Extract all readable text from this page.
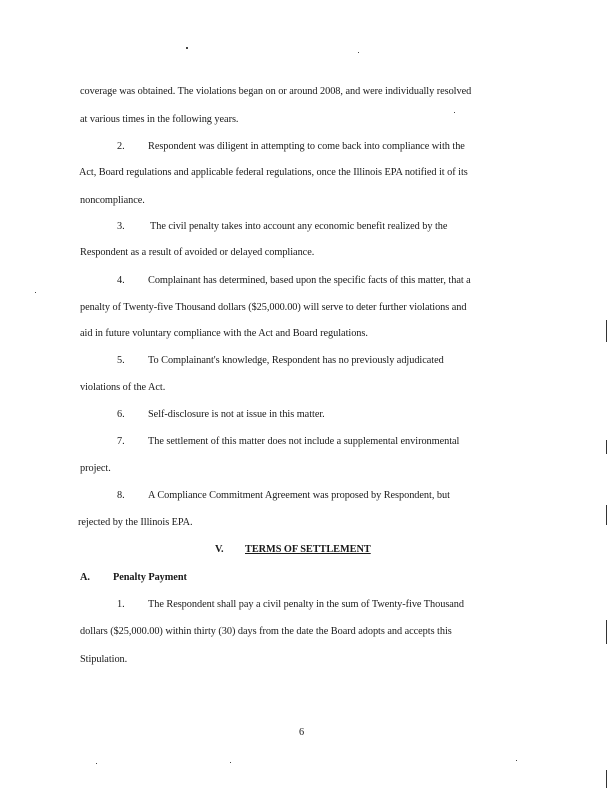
coverage was obtained. The violations began on or around 2008, and were individually resolved
at various times in the following years.
2. Respondent was diligent in attempting to come back into compliance with the
Act, Board regulations and applicable federal regulations, once the Illinois EPA notified it of its
noncompliance.
3. The civil penalty takes into account any economic benefit realized by the
Respondent as a result of avoided or delayed compliance.
4. Complainant has determined, based upon the specific facts of this matter, that a
penalty of Twenty-five Thousand dollars ($25,000.00) will serve to deter further violations and
aid in future voluntary compliance with the Act and Board regulations.
5. To Complainant's knowledge, Respondent has no previously adjudicated
violations of the Act.
6. Self-disclosure is not at issue in this matter.
7. The settlement of this matter does not include a supplemental environmental
project.
8. A Compliance Commitment Agreement was proposed by Respondent, but
rejected by the Illinois EPA.
V. TERMS OF SETTLEMENT
A. Penalty Payment
1. The Respondent shall pay a civil penalty in the sum of Twenty-five Thousand
dollars ($25,000.00) within thirty (30) days from the date the Board adopts and accepts this
Stipulation.
6
